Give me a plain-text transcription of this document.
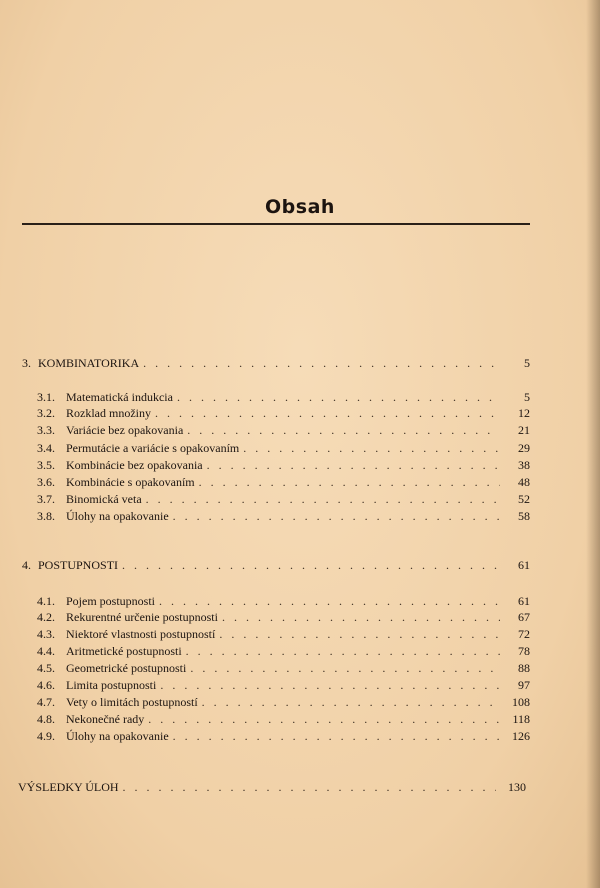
Obsah
3. KOMBINATORIKA . . .	5
3.1. Matematická indukcia . . .	5
3.2. Rozklad množiny . . .	12
3.3. Variácie bez opakovania . . .	21
3.4. Permutácie a variácie s opakovaním . . .	29
3.5. Kombinácie bez opakovania . . .	38
3.6. Kombinácie s opakovaním . . .	48
3.7. Binomická veta . . .	52
3.8. Úlohy na opakovanie . . .	58
4. POSTUPNOSTI . . .	61
4.1. Pojem postupnosti . . .	61
4.2. Rekurentné určenie postupnosti . . .	67
4.3. Niektoré vlastnosti postupností . . .	72
4.4. Aritmetické postupnosti . . .	78
4.5. Geometrické postupnosti . . .	88
4.6. Limita postupnosti . . .	97
4.7. Vety o limitách postupností . . .	108
4.8. Nekonečné rady . . .	118
4.9. Úlohy na opakovanie . . .	126
VÝSLEDKY ÚLOH . . .	130
